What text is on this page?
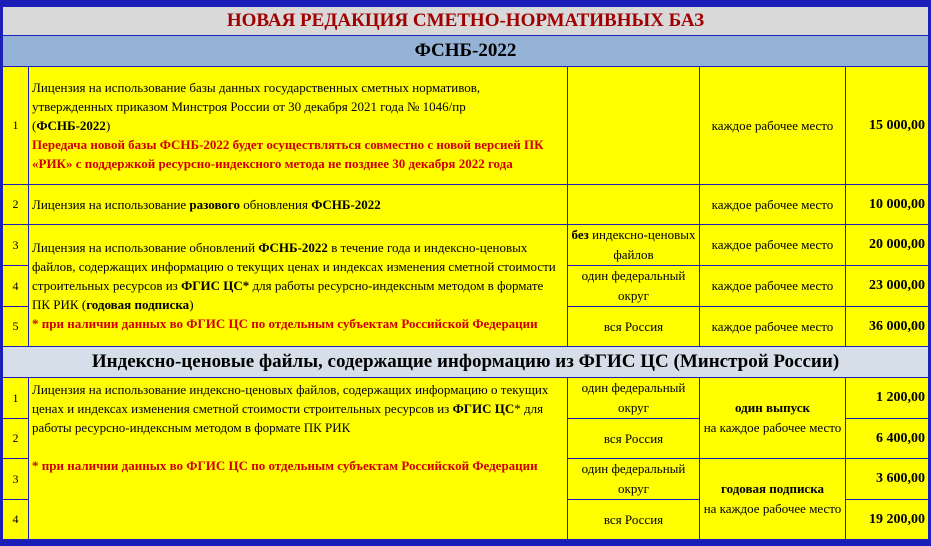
НОВАЯ РЕДАКЦИЯ СМЕТНО-НОРМАТИВНЫХ БАЗ				
ФСНБ-2022				
1	Лицензия на использование базы данных государственных сметных нормативов, утвержденных приказом Минстроя России от 30 декабря 2021 года № 1046/пр
(ФСНБ-2022)
Передача новой базы ФСНБ-2022 будет осуществляться совместно с новой версией ПК «РИК» с поддержкой ресурсно-индексного метода не позднее 30 декабря 2022 года		каждое рабочее место	15 000,00
2	Лицензия на использование разового обновления ФСНБ-2022		каждое рабочее место	10 000,00
3	Лицензия на использование обновлений ФСНБ-2022 в течение года и индексно-ценовых файлов, содержащих информацию о текущих ценах и индексах изменения сметной стоимости строительных ресурсов из ФГИС ЦС* для работы ресурсно-индексным методом в формате ПК РИК (годовая подписка)
* при наличии данных во ФГИС ЦС по отдельным субъектам Российской Федерации	без индексно-ценовых файлов	каждое рабочее место	20 000,00
4		один федеральный округ	каждое рабочее место	23 000,00
5		вся Россия	каждое рабочее место	36 000,00
Индексно-ценовые файлы, содержащие информацию из ФГИС ЦС (Минстрой России)				
1	Лицензия на использование индексно-ценовых файлов, содержащих информацию о текущих ценах и индексах изменения сметной стоимости строительных ресурсов из ФГИС ЦС* для работы ресурсно-индексным методом в формате ПК РИК

* при наличии данных во ФГИС ЦС по отдельным субъектам Российской Федерации	один федеральный округ	один выпуск
на каждое рабочее место	1 200,00
2		вся Россия		6 400,00
3		один федеральный округ	годовая подписка
на каждое рабочее место	3 600,00
4		вся Россия		19 200,00
